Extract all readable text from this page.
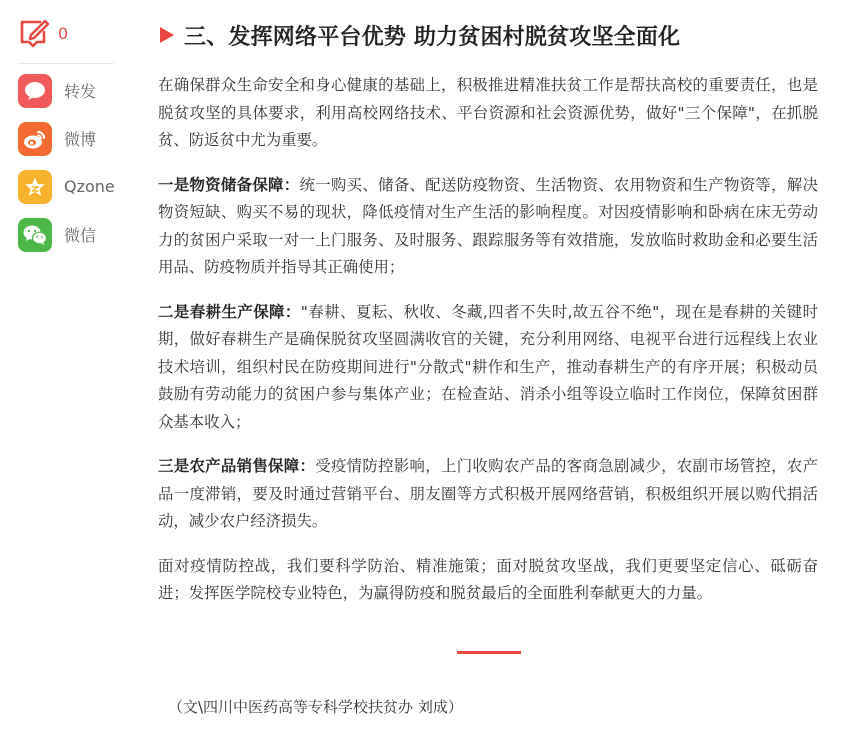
0
转发
微博
Qzone
微信
三、发挥网络平台优势 助力贫困村脱贫攻坚全面化

在确保群众生命安全和身心健康的基础上，积极推进精准扶贫工作是帮扶高校的重要责任，也是脱贫攻坚的具体要求，利用高校网络技术、平台资源和社会资源优势，做好"三个保障"，在抓脱贫、防返贫中尤为重要。

一是物资储备保障：统一购买、储备、配送防疫物资、生活物资、农用物资和生产物资等，解决物资短缺、购买不易的现状，降低疫情对生产生活的影响程度。对因疫情影响和卧病在床无劳动力的贫困户采取一对一上门服务、及时服务、跟踪服务等有效措施，发放临时救助金和必要生活用品、防疫物质并指导其正确使用；

二是春耕生产保障："春耕、夏耘、秋收、冬藏,四者不失时,故五谷不绝"，现在是春耕的关键时期，做好春耕生产是确保脱贫攻坚圆满收官的关键，充分利用网络、电视平台进行远程线上农业技术培训，组织村民在防疫期间进行"分散式"耕作和生产，推动春耕生产的有序开展；积极动员鼓励有劳动能力的贫困户参与集体产业；在检查站、消杀小组等设立临时工作岗位，保障贫困群众基本收入；

三是农产品销售保障：受疫情防控影响，上门收购农产品的客商急剧减少，农副市场管控，农产品一度滞销，要及时通过营销平台、朋友圈等方式积极开展网络营销，积极组织开展以购代捐活动，减少农户经济损失。

面对疫情防控战，我们要科学防治、精准施策；面对脱贫攻坚战，我们更要坚定信心、砥砺奋进；发挥医学院校专业特色，为赢得防疫和脱贫最后的全面胜利奉献更大的力量。

（文\四川中医药高等专科学校扶贫办 刘成）
